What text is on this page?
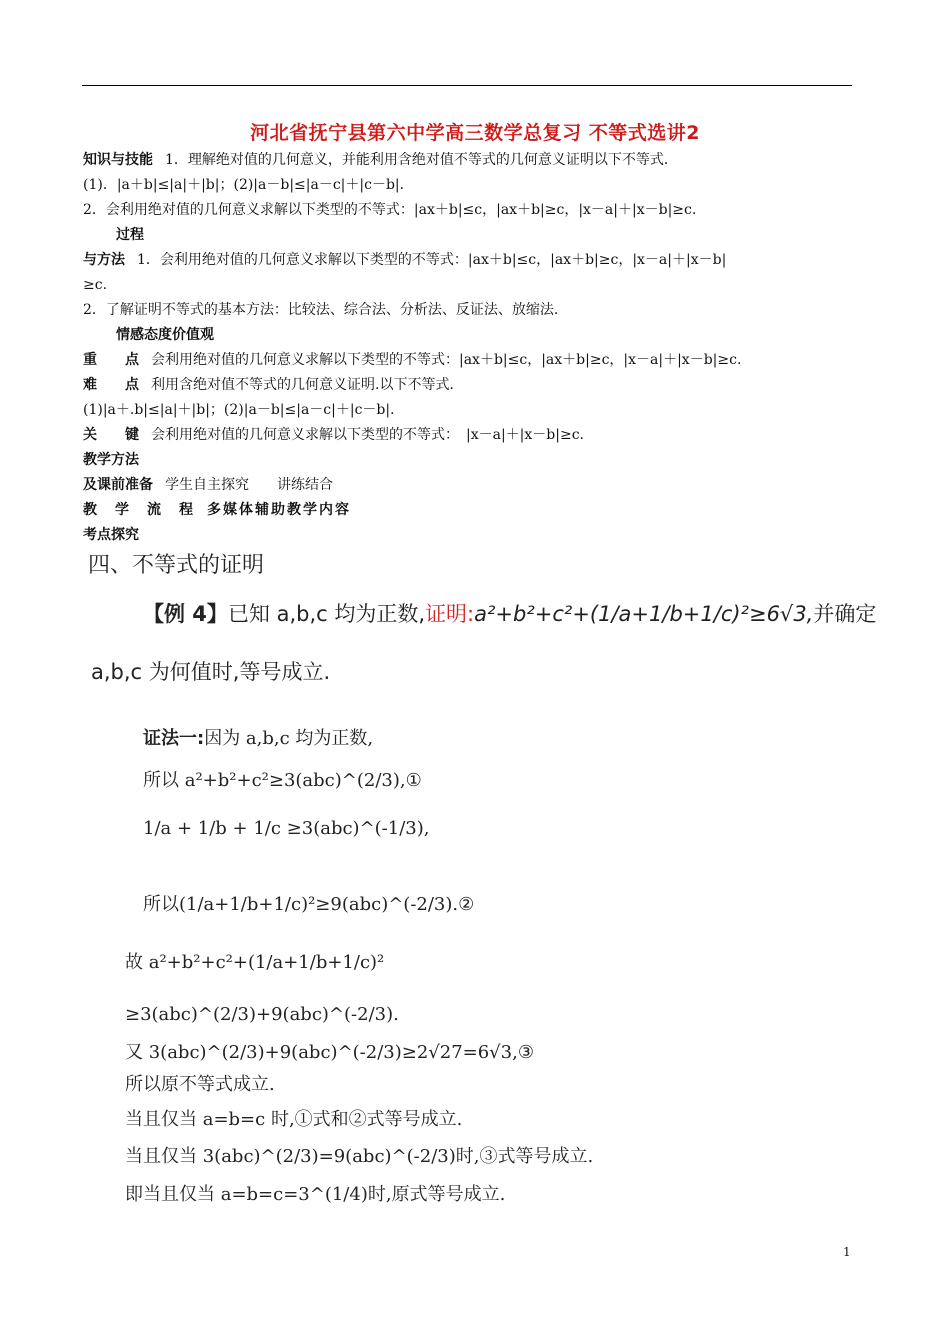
河北省抚宁县第六中学高三数学总复习 不等式选讲2
知识与技能 1．理解绝对值的几何意义，并能利用含绝对值不等式的几何意义证明以下不等式．
(1)．|a＋b|≤|a|＋|b|；(2)|a－b|≤|a－c|＋|c－b|．
2．会利用绝对值的几何意义求解以下类型的不等式：|ax＋b|≤c，|ax＋b|≥c，|x－a|＋|x－b|≥c.
过程
与方法 1．会利用绝对值的几何意义求解以下类型的不等式：|ax＋b|≤c，|ax＋b|≥c，|x－a|＋|x－b|
≥c.
2．了解证明不等式的基本方法：比较法、综合法、分析法、反证法、放缩法．
情感态度价值观
重　　点 会利用绝对值的几何意义求解以下类型的不等式：|ax＋b|≤c，|ax＋b|≥c，|x－a|＋|x－b|≥c.
难　　点 利用含绝对值不等式的几何意义证明.以下不等式．
(1)|a＋.b|≤|a|＋|b|；(2)|a－b|≤|a－c|＋|c－b|．
关　　键 会利用绝对值的几何意义求解以下类型的不等式：　|x－a|＋|x－b|≥c.
教学方法
及课前准备 学生自主探究　　讲练结合
教　学　流　程 多媒体辅助教学内容
考点探究
四、不等式的证明
【例 4】已知 a,b,c 均为正数,证明:a²+b²+c²+(1/a+1/b+1/c)²≥6√3,并确定
a,b,c 为何值时,等号成立.
证法一:因为 a,b,c 均为正数,
所以 a²+b²+c²≥3(abc)^(2/3),①
1/a + 1/b + 1/c ≥3(abc)^(-1/3),
所以(1/a+1/b+1/c)²≥9(abc)^(-2/3).②
故 a²+b²+c²+(1/a+1/b+1/c)²
≥3(abc)^(2/3)+9(abc)^(-2/3).
又 3(abc)^(2/3)+9(abc)^(-2/3)≥2√27=6√3,③
所以原不等式成立.
当且仅当 a=b=c 时,①式和②式等号成立.
当且仅当 3(abc)^(2/3)=9(abc)^(-2/3)时,③式等号成立.
即当且仅当 a=b=c=3^(1/4)时,原式等号成立.
1
